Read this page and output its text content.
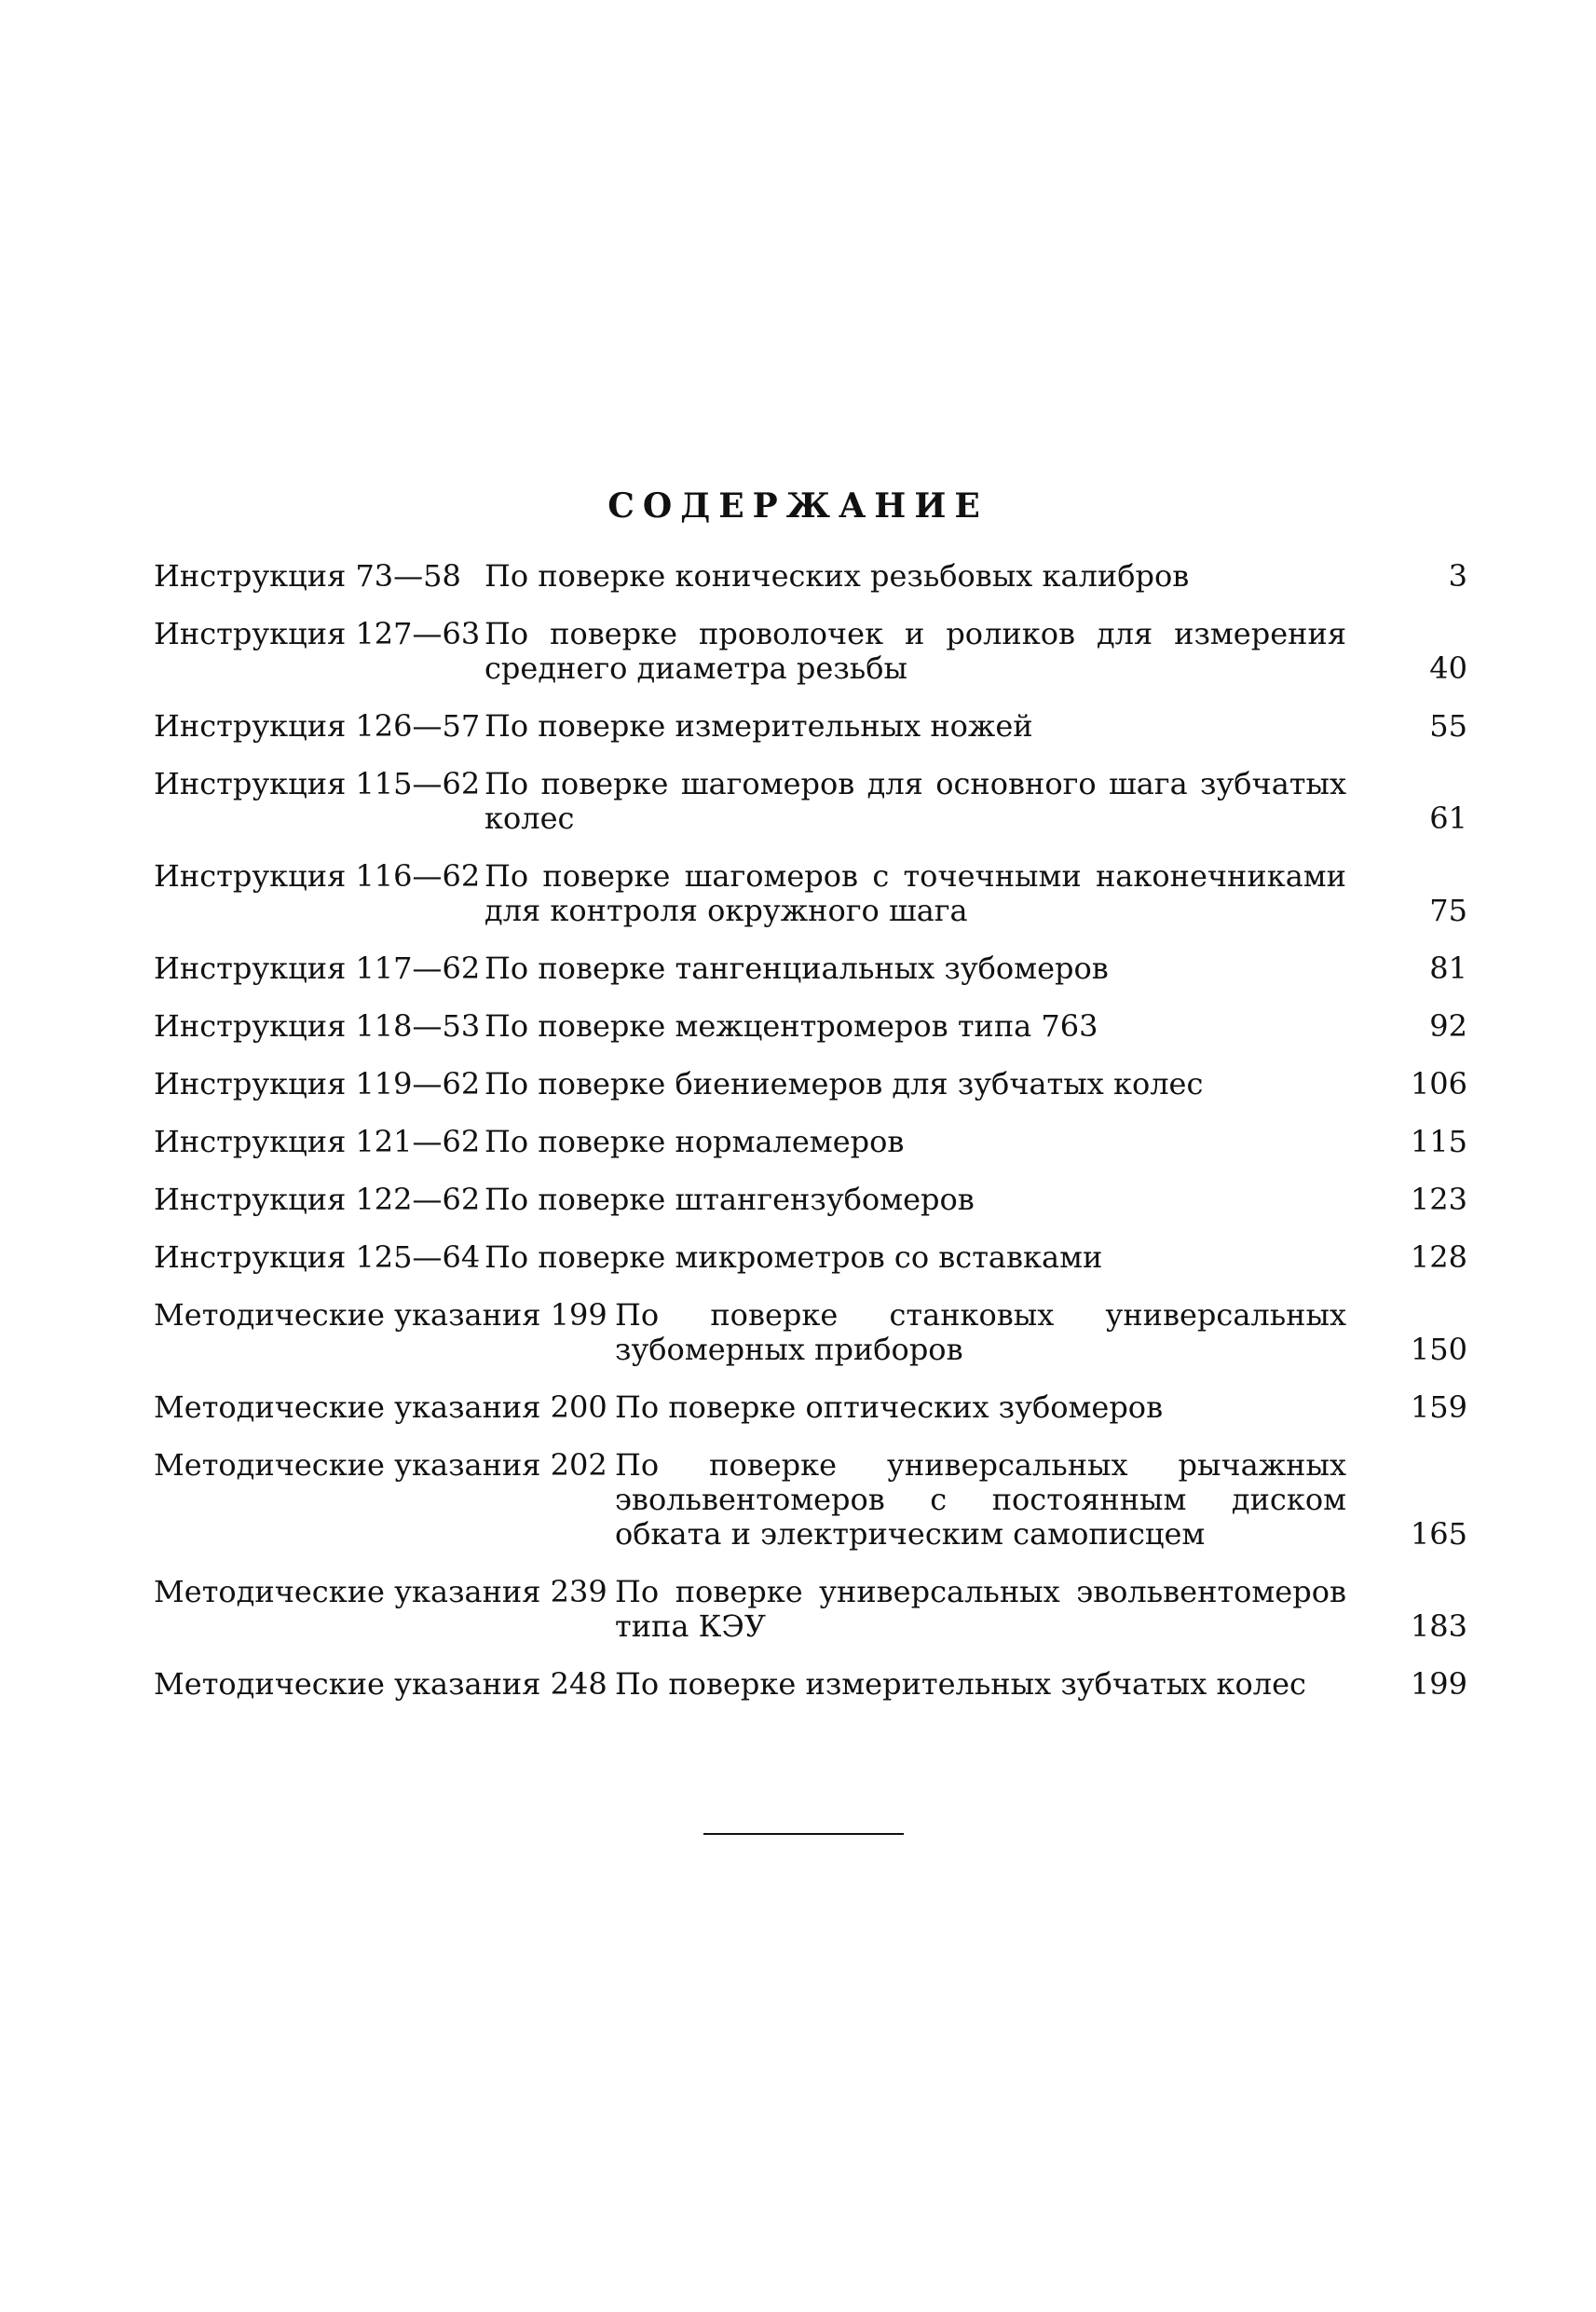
СОДЕРЖАНИЕ
Инструкция 73—58 По поверке конических резьбовых калибров	3
Инструкция 127—63 По поверке проволочек и роликов для измерения среднего диаметра резьбы	40
Инструкция 126—57 По поверке измерительных ножей	55
Инструкция 115—62 По поверке шагомеров для основного шага зубчатых колес	61
Инструкция 116—62 По поверке шагомеров с точечными наконечниками для контроля окружного шага	75
Инструкция 117—62 По поверке тангенциальных зубомеров	81
Инструкция 118—53 По поверке межцентромеров типа 763	92
Инструкция 119—62 По поверке биениемеров для зубчатых колес	106
Инструкция 121—62 По поверке нормалемеров	115
Инструкция 122—62 По поверке штангензубомеров	123
Инструкция 125—64 По поверке микрометров со вставками	128
Методические указания 199 По поверке станковых универсальных зубомерных приборов	150
Методические указания 200 По поверке оптических зубомеров	159
Методические указания 202 По поверке универсальных рычажных эвольвентомеров с постоянным диском обката и электрическим самописцем	165
Методические указания 239 По поверке универсальных эвольвентомеров типа КЭУ	183
Методические указания 248 По поверке измерительных зубчатых колес	199
